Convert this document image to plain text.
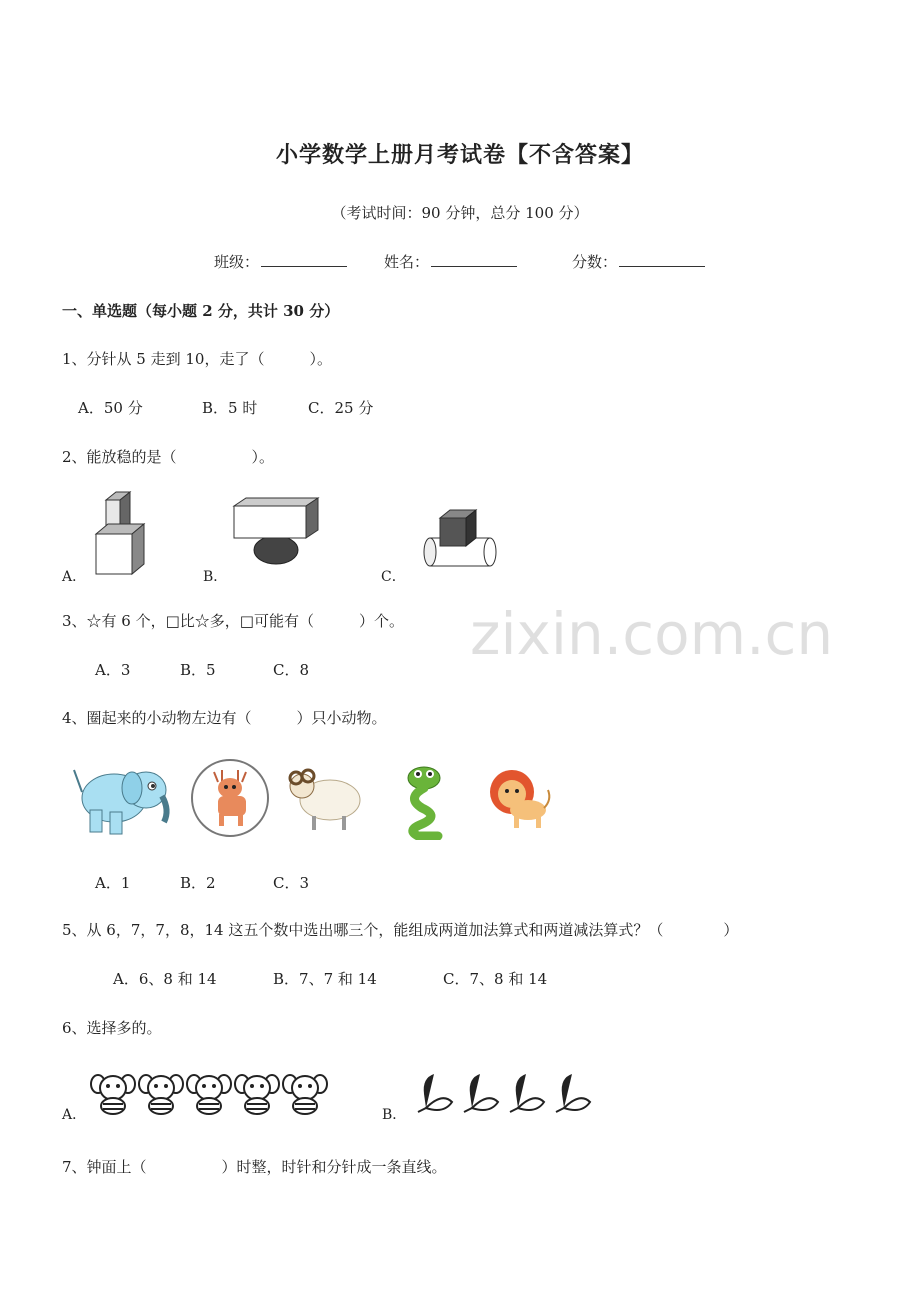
小学数学上册月考试卷【不含答案】
（考试时间：90 分钟，总分 100 分）
班级：	姓名：	分数：
一、单选题（每小题 2 分，共计 30 分）
1、分针从 5 走到 10，走了（　　　）。
A．50 分	B．5 时	C．25 分
2、能放稳的是（　　　　　）。
A．	B．	C．
3、☆有 6 个，□比☆多，□可能有（　　　）个。
A．3	B．5	C．8
zixin.com.cn
4、圈起来的小动物左边有（　　　）只小动物。
A．1	B．2	C．3
5、从 6，7，7，8，14 这五个数中选出哪三个，能组成两道加法算式和两道减法算式？（　　　　）
A．6、8 和 14	B．7、7 和 14	C．7、8 和 14
6、选择多的。
A．	B．
7、钟面上（　　　　　）时整，时针和分针成一条直线。
